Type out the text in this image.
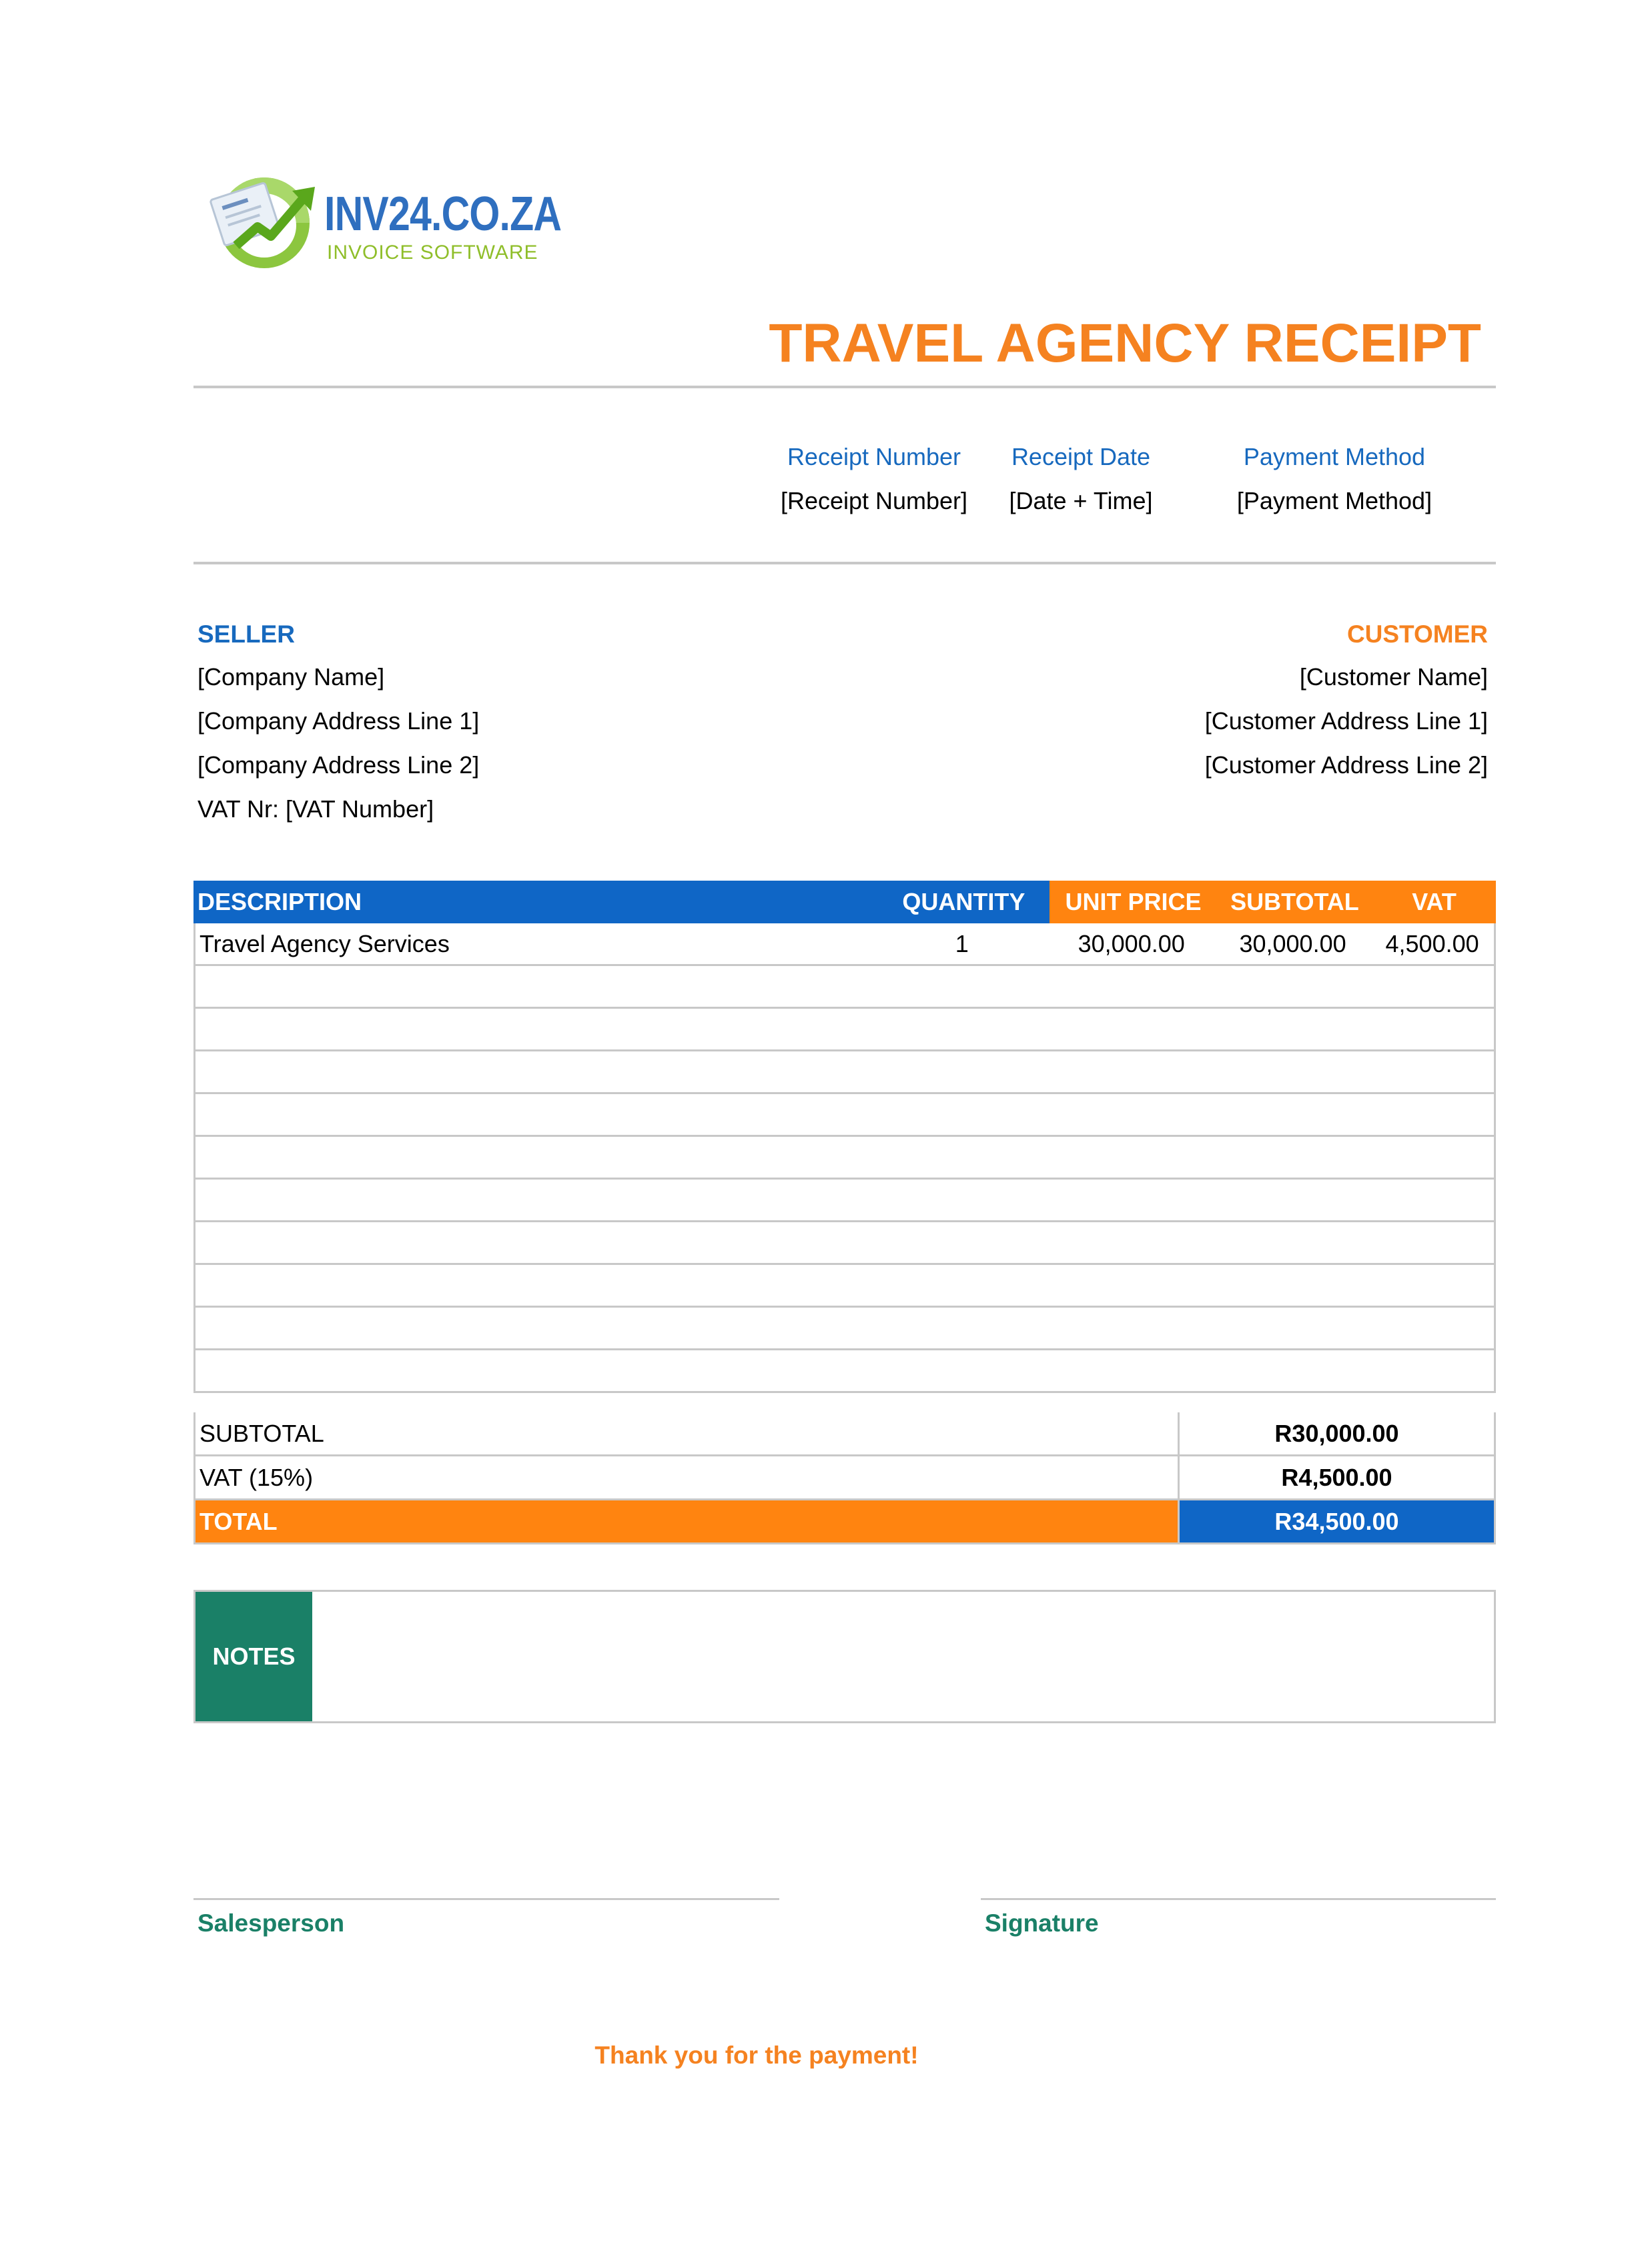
INV24.CO.ZA
INVOICE SOFTWARE
TRAVEL AGENCY RECEIPT
Receipt Number
[Receipt Number]
Receipt Date
[Date + Time]
Payment Method
[Payment Method]
SELLER
[Company Name]
[Company Address Line 1]
[Company Address Line 2]
VAT Nr: [VAT Number]
CUSTOMER
[Customer Name]
[Customer Address Line 1]
[Customer Address Line 2]
DESCRIPTION	QUANTITY	UNIT PRICE	SUBTOTAL	VAT
Travel Agency Services	1	30,000.00	30,000.00	4,500.00
SUBTOTAL	R30,000.00
VAT (15%)	R4,500.00
TOTAL	R34,500.00
NOTES
Salesperson	Signature
Thank you for the payment!
